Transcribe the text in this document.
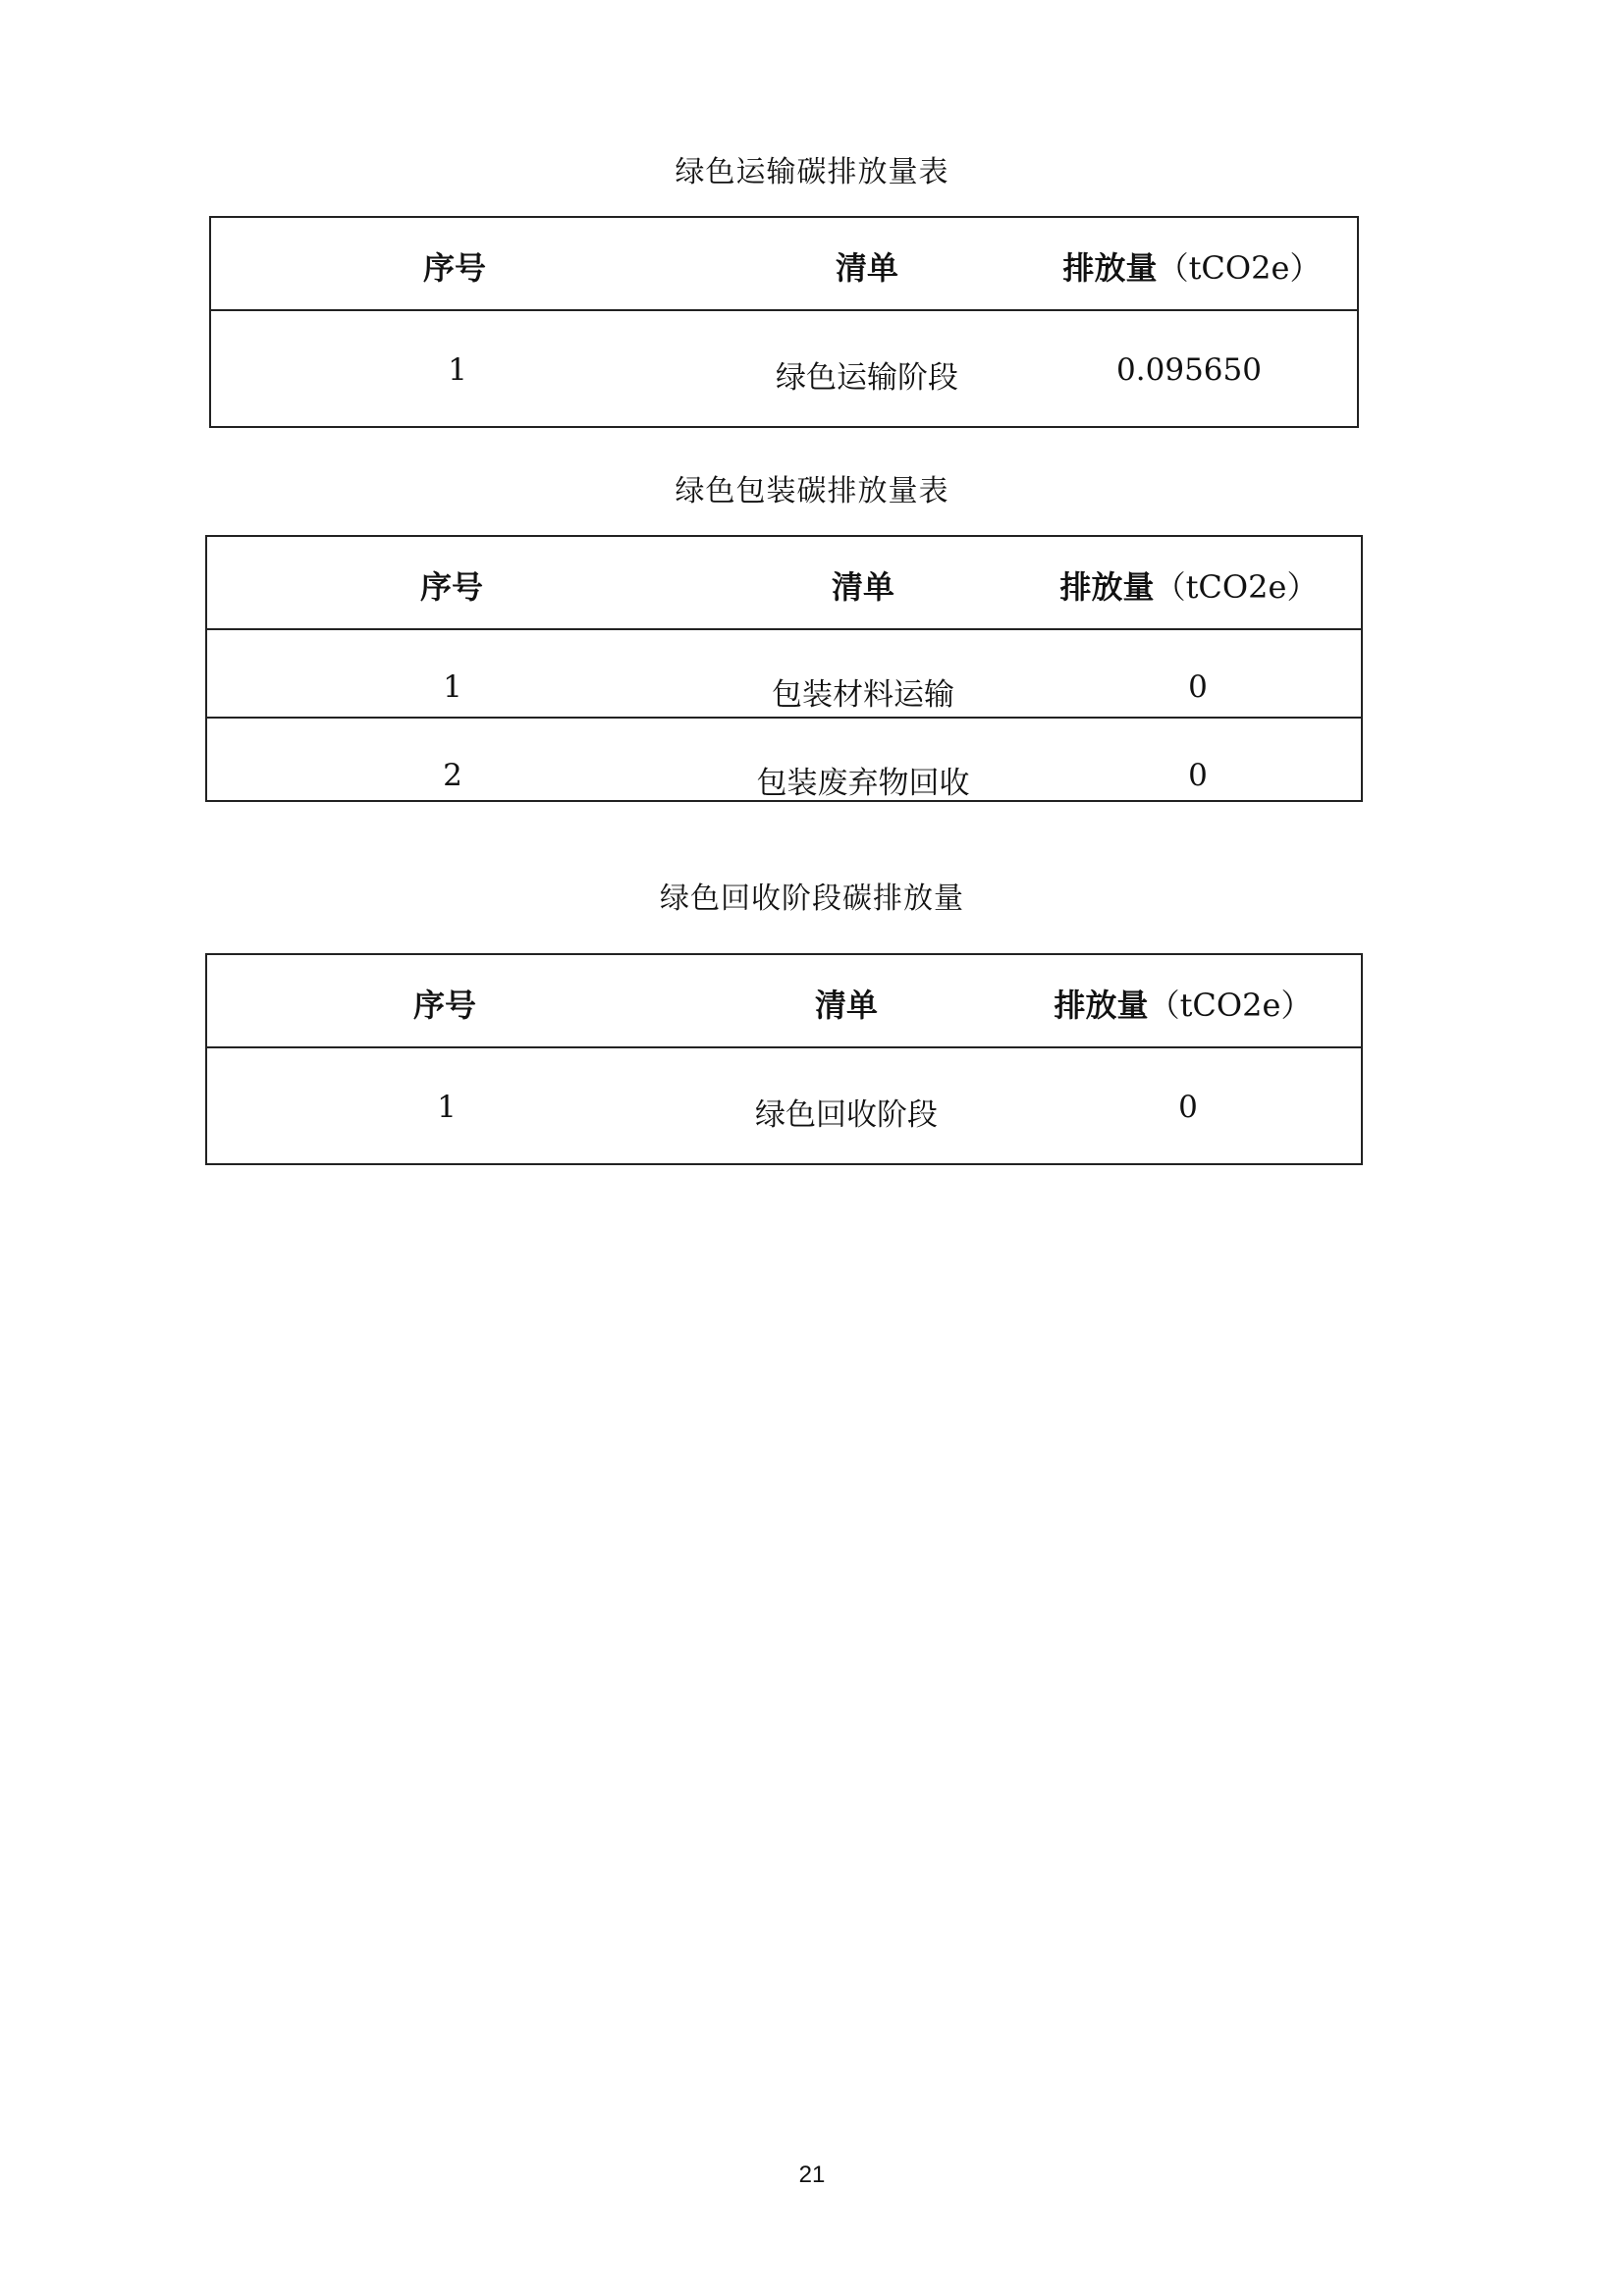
绿色运输碳排放量表
序号	清单	排放量（tCO2e）
1	绿色运输阶段	0.095650
绿色包装碳排放量表
序号	清单	排放量（tCO2e）
1	包装材料运输	0
2	包装废弃物回收	0
绿色回收阶段碳排放量
序号	清单	排放量（tCO2e）
1	绿色回收阶段	0
21
